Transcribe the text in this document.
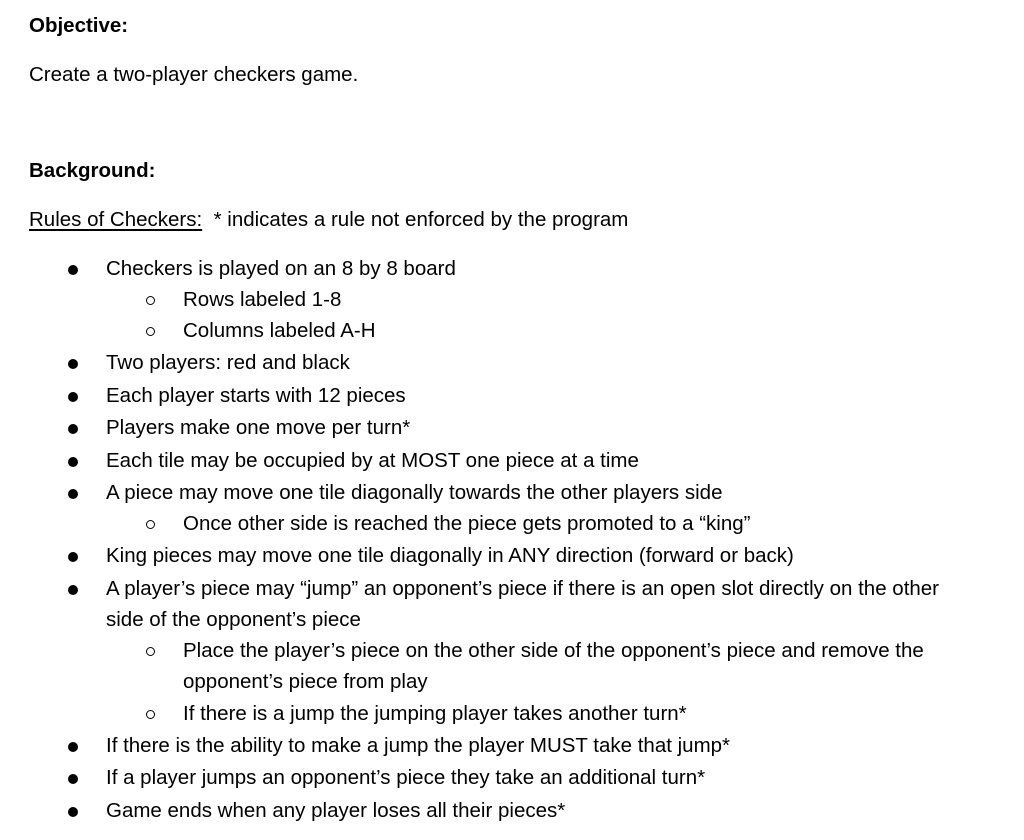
Objective:
Create a two-player checkers game.
Background:
Rules of Checkers: * indicates a rule not enforced by the program
Checkers is played on an 8 by 8 board
Rows labeled 1-8
Columns labeled A-H
Two players: red and black
Each player starts with 12 pieces
Players make one move per turn*
Each tile may be occupied by at MOST one piece at a time
A piece may move one tile diagonally towards the other players side
Once other side is reached the piece gets promoted to a “king”
King pieces may move one tile diagonally in ANY direction (forward or back)
A player’s piece may “jump” an opponent’s piece if there is an open slot directly on the other
side of the opponent’s piece
Place the player’s piece on the other side of the opponent’s piece and remove the
opponent’s piece from play
If there is a jump the jumping player takes another turn*
If there is the ability to make a jump the player MUST take that jump*
If a player jumps an opponent’s piece they take an additional turn*
Game ends when any player loses all their pieces*
